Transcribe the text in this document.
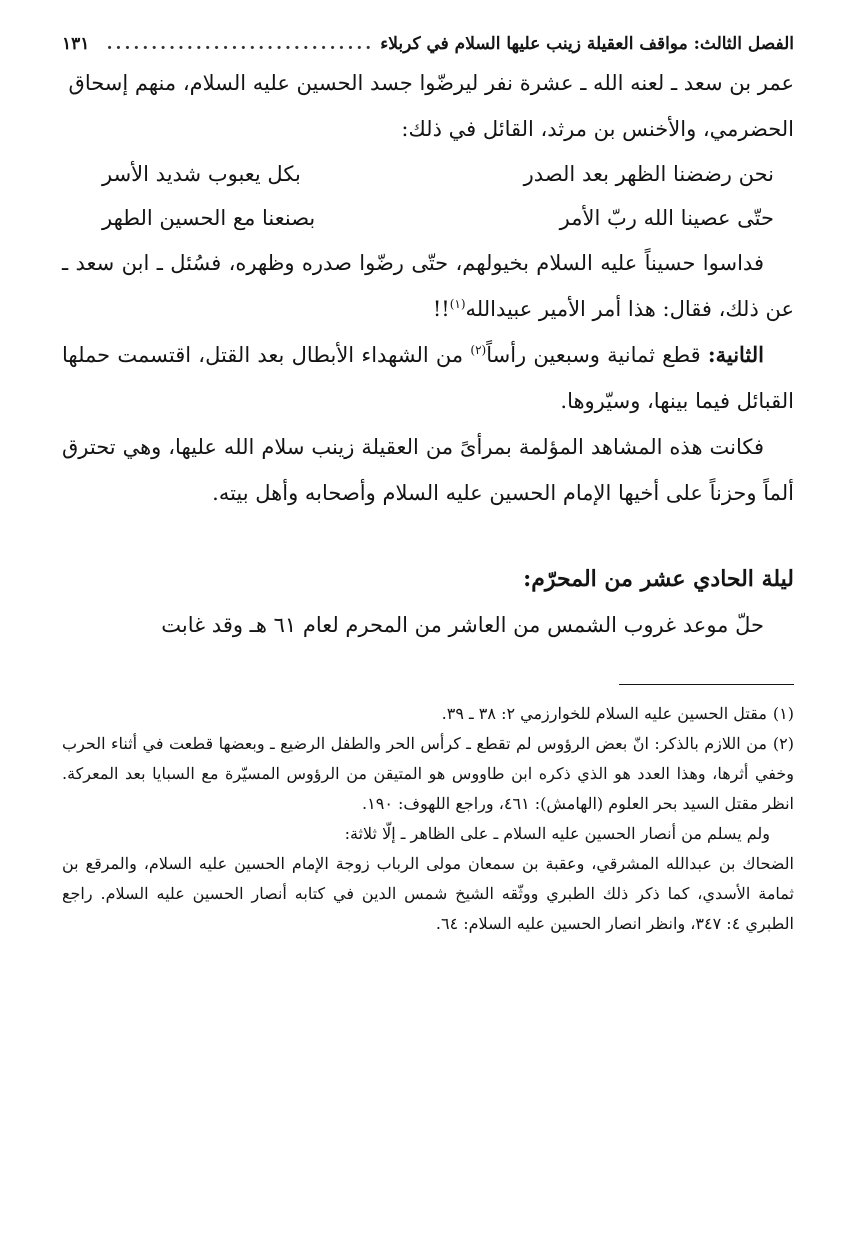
الفصل الثالث: مواقف العقيلة زينب عليها السلام في كربلاء
..............................
١٣١

عمر بن سعد ـ لعنه الله ـ عشرة نفر ليرضّوا جسد الحسين عليه السلام، منهم إسحاق

الحضرمي، والأخنس بن مرثد، القائل في ذلك:

نحن رضضنا الظهر بعد الصدر
بكل يعبوب شديد الأسر
حتّى عصينا الله ربّ الأمر
بصنعنا مع الحسين الطهر

فداسوا حسيناً عليه السلام بخيولهم، حتّى رضّوا صدره وظهره، فسُئل ـ ابن سعد ـ عن ذلك، فقال: هذا أمر الأمير عبيدالله$^{(١)}$!!

الثانية: قطع ثمانية وسبعين رأساً$^{(٢)}$ من الشهداء الأبطال بعد القتل، اقتسمت حملها القبائل فيما بينها، وسيّروها.

فكانت هذه المشاهد المؤلمة بمرأىً من العقيلة زينب سلام الله عليها، وهي تحترق ألماً وحزناً على أخيها الإمام الحسين عليه السلام وأصحابه وأهل بيته.

ليلة الحادي عشر من المحرّم:

حلّ موعد غروب الشمس من العاشر من المحرم لعام ٦١ هـ وقد غابت

(١)مقتل الحسين عليه السلام للخوارزمي ٢: ٣٨ ـ ٣٩.

(٢)من اللازم بالذكر: انّ بعض الرؤوس لم تقطع ـ كرأس الحر والطفل الرضيع ـ وبعضها قطعت في أثناء الحرب وخفي أثرها، وهذا العدد هو الذي ذكره ابن طاووس هو المتيقن من الرؤوس المسيّرة مع السبايا بعد المعركة. انظر مقتل السيد بحر العلوم (الهامش): ٤٦١، وراجع اللهوف: ١٩٠.

ولم يسلم من أنصار الحسين عليه السلام ـ على الظاهر ـ إلّا ثلاثة:

الضحاك بن عبدالله المشرقي، وعقبة بن سمعان مولى الرباب زوجة الإمام الحسين عليه السلام، والمرقع بن ثمامة الأسدي، كما ذكر ذلك الطبري ووثّقه الشيخ شمس الدين في كتابه أنصار الحسين عليه السلام. راجع الطبري ٤: ٣٤٧، وانظر انصار الحسين عليه السلام: ٦٤.
